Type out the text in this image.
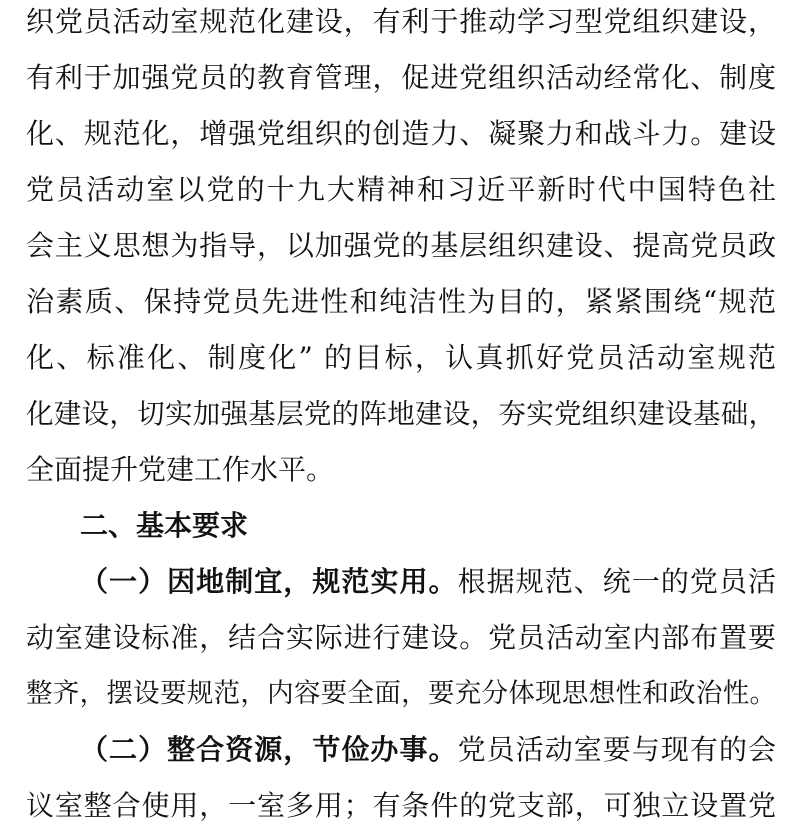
织党员活动室规范化建设，有利于推动学习型党组织建设，
有利于加强党员的教育管理，促进党组织活动经常化、制度
化、规范化，增强党组织的创造力、凝聚力和战斗力。建设
党员活动室以党的十九大精神和习近平新时代中国特色社
会主义思想为指导，以加强党的基层组织建设、提高党员政
治素质、保持党员先进性和纯洁性为目的，紧紧围绕“规范
化、标准化、制度化” 的目标，认真抓好党员活动室规范
化建设，切实加强基层党的阵地建设，夯实党组织建设基础，
全面提升党建工作水平。
二、基本要求
（一）因地制宜，规范实用。根据规范、统一的党员活
动室建设标准，结合实际进行建设。党员活动室内部布置要
整齐，摆设要规范，内容要全面，要充分体现思想性和政治性。
（二）整合资源，节俭办事。党员活动室要与现有的会
议室整合使用，一室多用；有条件的党支部，可独立设置党
